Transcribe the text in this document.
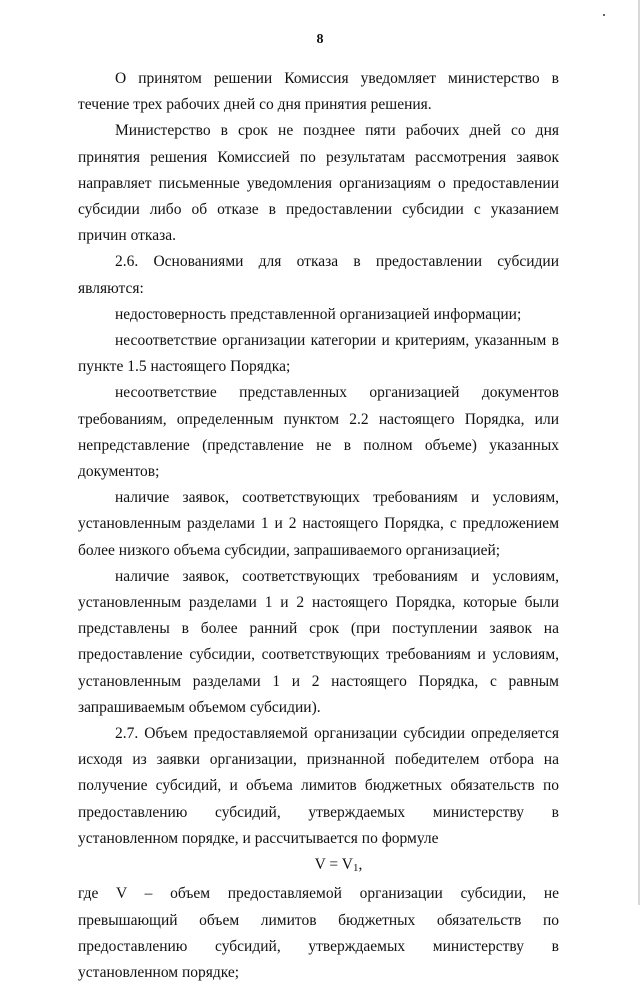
8

О принятом решении Комиссия уведомляет министерство в течение трех рабочих дней со дня принятия решения.

Министерство в срок не позднее пяти рабочих дней со дня принятия решения Комиссией по результатам рассмотрения заявок направляет письменные уведомления организациям о предоставлении субсидии либо об отказе в предоставлении субсидии с указанием причин отказа.

2.6. Основаниями для отказа в предоставлении субсидии являются:

недостоверность представленной организацией информации;

несоответствие организации категории и критериям, указанным в пункте 1.5 настоящего Порядка;

несоответствие представленных организацией документов требованиям, определенным пунктом 2.2 настоящего Порядка, или непредставление (представление не в полном объеме) указанных документов;

наличие заявок, соответствующих требованиям и условиям, установленным разделами 1 и 2 настоящего Порядка, с предложением более низкого объема субсидии, запрашиваемого организацией;

наличие заявок, соответствующих требованиям и условиям, установленным разделами 1 и 2 настоящего Порядка, которые были представлены в более ранний срок (при поступлении заявок на предоставление субсидии, соответствующих требованиям и условиям, установленным разделами 1 и 2 настоящего Порядка, с равным запрашиваемым объемом субсидии).

2.7. Объем предоставляемой организации субсидии определяется исходя из заявки организации, признанной победителем отбора на получение субсидий, и объема лимитов бюджетных обязательств по предоставлению субсидий, утверждаемых министерству в установленном порядке, и рассчитывается по формуле

$V = V_1$,

где V – объем предоставляемой организации субсидии, не превышающий объем лимитов бюджетных обязательств по предоставлению субсидий, утверждаемых министерству в установленном порядке;
